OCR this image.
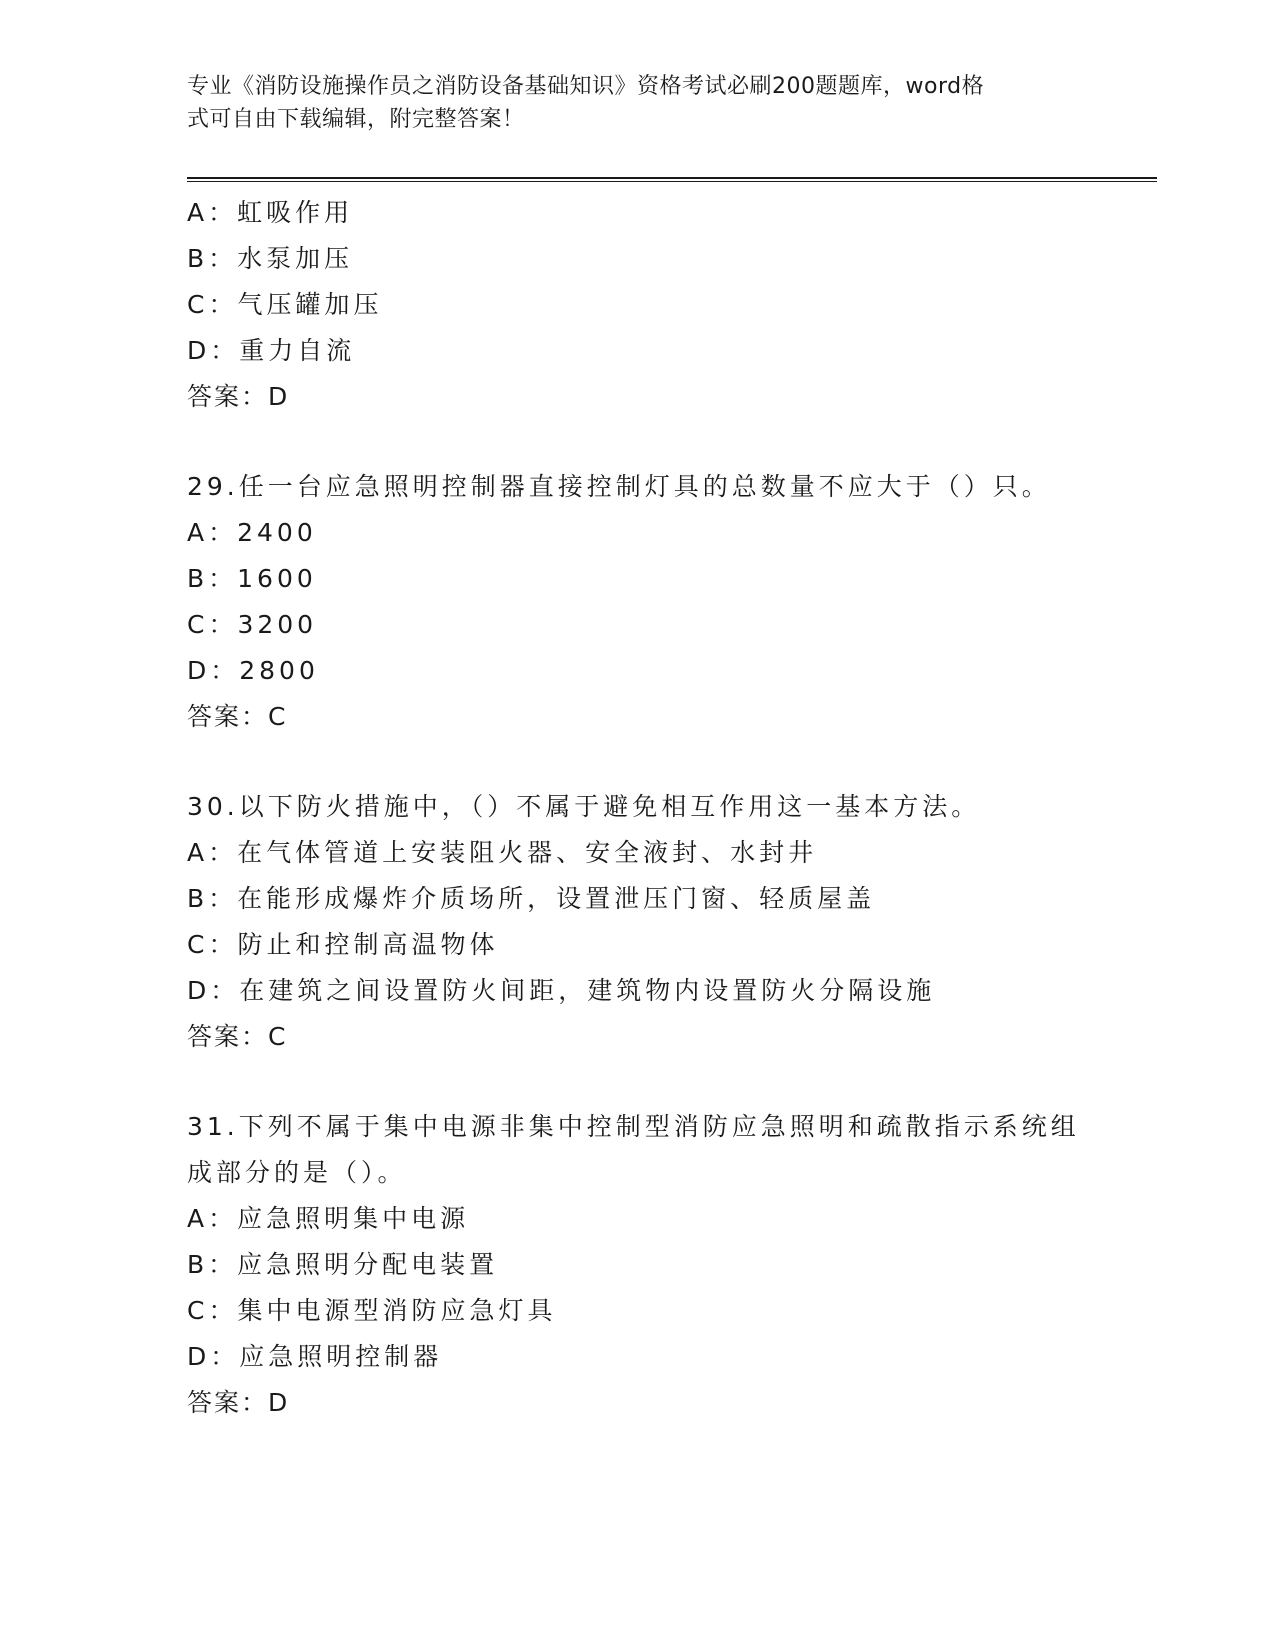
专业《消防设施操作员之消防设备基础知识》资格考试必刷200题题库，word格
式可自由下载编辑，附完整答案！
A：虹吸作用
B：水泵加压
C：气压罐加压
D：重力自流
答案：D
29.任一台应急照明控制器直接控制灯具的总数量不应大于（）只。
A：2400
B：1600
C：3200
D：2800
答案：C
30.以下防火措施中，（）不属于避免相互作用这一基本方法。
A：在气体管道上安装阻火器、安全液封、水封井
B：在能形成爆炸介质场所，设置泄压门窗、轻质屋盖
C：防止和控制高温物体
D：在建筑之间设置防火间距，建筑物内设置防火分隔设施
答案：C
31.下列不属于集中电源非集中控制型消防应急照明和疏散指示系统组
成部分的是（）。
A：应急照明集中电源
B：应急照明分配电装置
C：集中电源型消防应急灯具
D：应急照明控制器
答案：D
